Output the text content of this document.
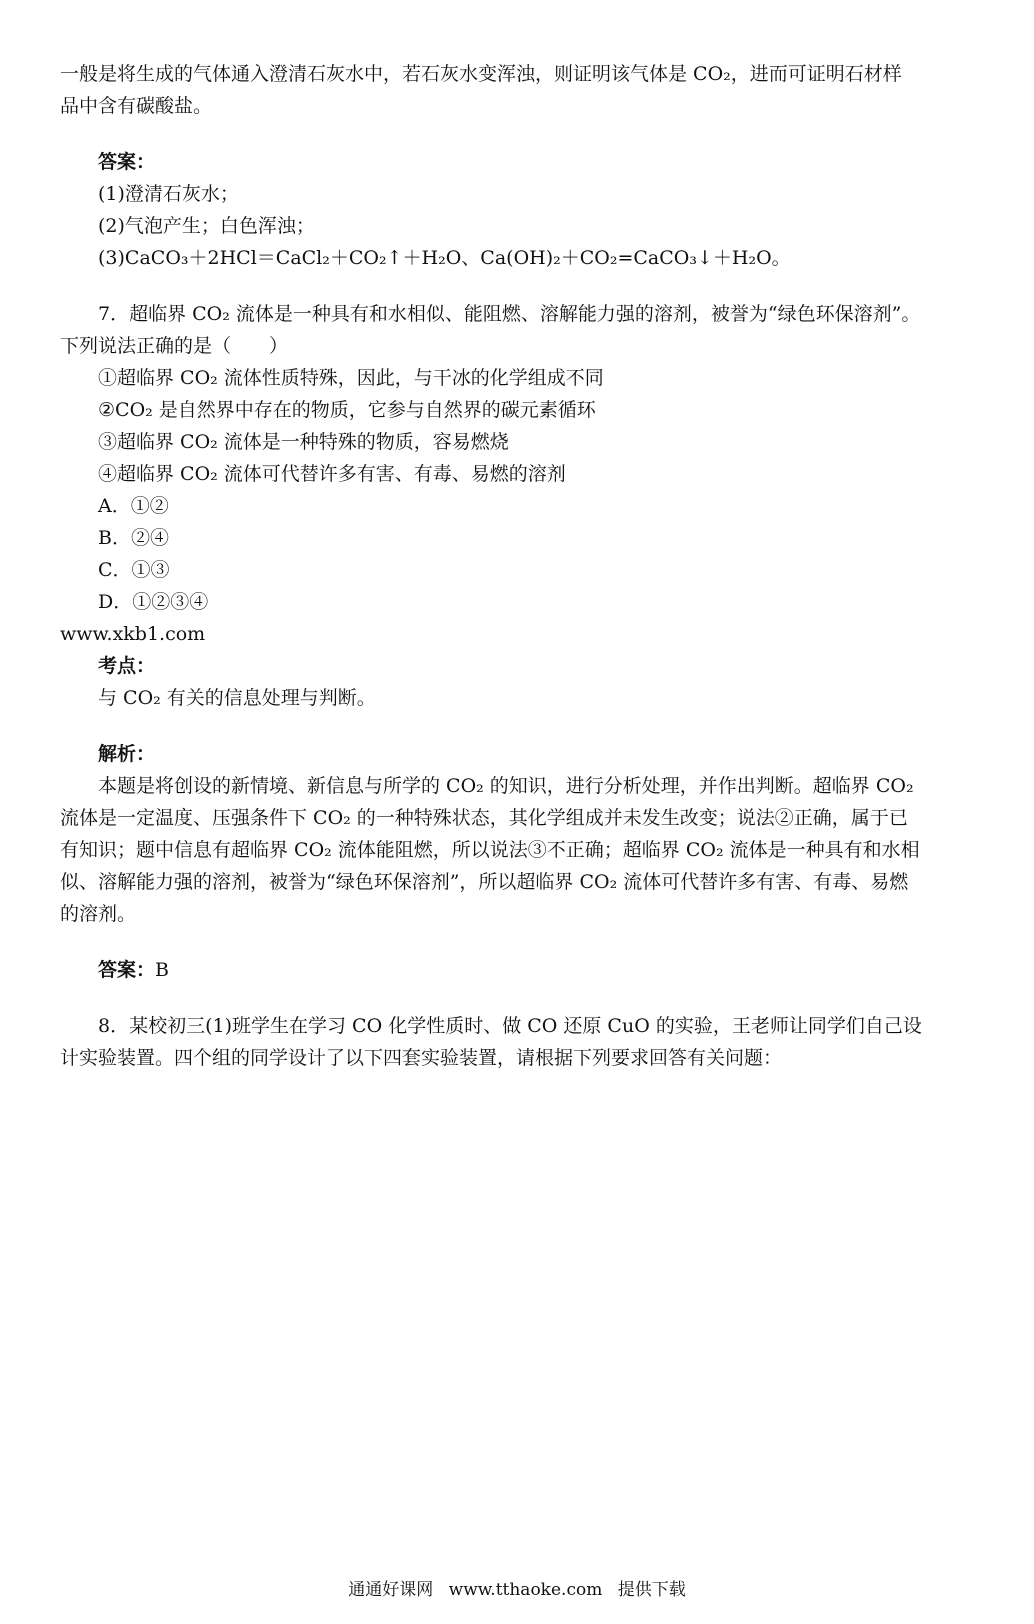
一般是将生成的气体通入澄清石灰水中，若石灰水变浑浊，则证明该气体是 CO₂，进而可证明石材样
品中含有碳酸盐。
答案：
(1)澄清石灰水；
(2)气泡产生；白色浑浊；
(3)CaCO₃＋2HCl＝CaCl₂＋CO₂↑＋H₂O、Ca(OH)₂＋CO₂=CaCO₃↓＋H₂O。
7．超临界 CO₂ 流体是一种具有和水相似、能阻燃、溶解能力强的溶剂，被誉为“绿色环保溶剂”。
下列说法正确的是（　　）
①超临界 CO₂ 流体性质特殊，因此，与干冰的化学组成不同
②CO₂ 是自然界中存在的物质，它参与自然界的碳元素循环
③超临界 CO₂ 流体是一种特殊的物质，容易燃烧
④超临界 CO₂ 流体可代替许多有害、有毒、易燃的溶剂
A．①②
B．②④
C．①③
D．①②③④
www.xkb1.com
考点：
与 CO₂ 有关的信息处理与判断。
解析：
本题是将创设的新情境、新信息与所学的 CO₂ 的知识，进行分析处理，并作出判断。超临界 CO₂
流体是一定温度、压强条件下 CO₂ 的一种特殊状态，其化学组成并未发生改变；说法②正确，属于已
有知识；题中信息有超临界 CO₂ 流体能阻燃，所以说法③不正确；超临界 CO₂ 流体是一种具有和水相
似、溶解能力强的溶剂，被誉为“绿色环保溶剂”，所以超临界 CO₂ 流体可代替许多有害、有毒、易燃
的溶剂。
答案：B
8．某校初三(1)班学生在学习 CO 化学性质时、做 CO 还原 CuO 的实验，王老师让同学们自己设
计实验装置。四个组的同学设计了以下四套实验装置，请根据下列要求回答有关问题：
通通好课网 www.tthaoke.com 提供下载
